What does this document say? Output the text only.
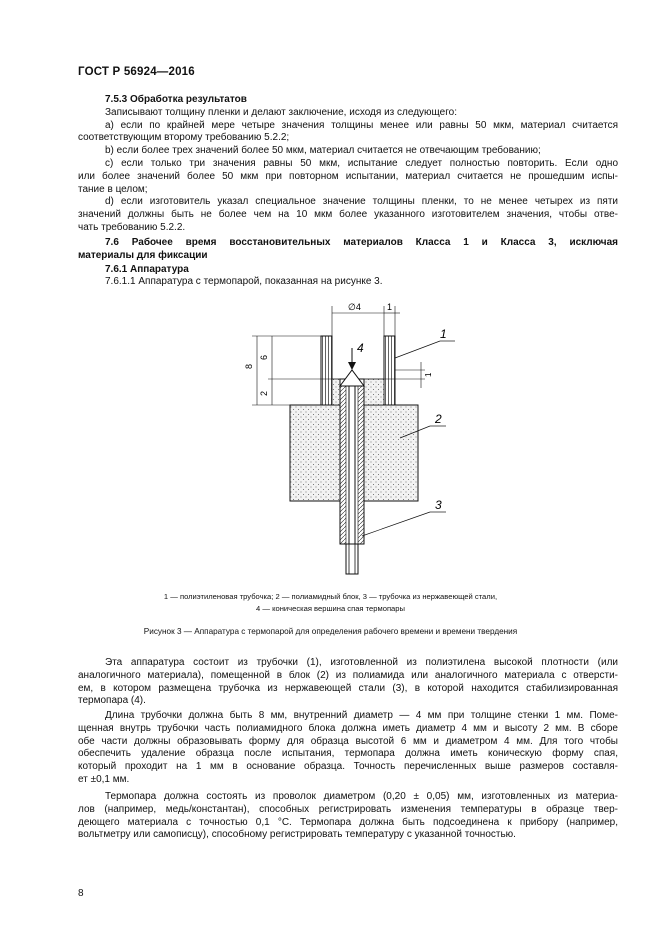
ГОСТ Р 56924—2016
7.5.3 Обработка результатов
Записывают толщину пленки и делают заключение, исходя из следующего:
а) если по крайней мере четыре значения толщины менее или равны 50 мкм, материал считается
соответствующим второму требованию 5.2.2;
b) если более трех значений более 50 мкм, материал считается не отвечающим требованию;
с) если только три значения равны 50 мкм, испытание следует полностью повторить. Если одно
или более значений более 50 мкм при повторном испытании, материал считается не прошедшим испы-
тание в целом;
d) если изготовитель указал специальное значение толщины пленки, то не менее четырех из пяти
значений должны быть не более чем на 10 мкм более указанного изготовителем значения, чтобы отве-
чать требованию 5.2.2.
7.6 Рабочее время восстановительных материалов Класса 1 и Класса 3, исключая
материалы для фиксации
7.6.1 Аппаратура
7.6.1.1 Аппаратура с термопарой, показанная на рисунке 3.
∅4	1
8
6
2
1
1
2
3
4
1 — полиэтиленовая трубочка; 2 — полиамидный блок, 3 — трубочка из нержавеющей стали,
4 — коническая вершина спая термопары
Рисунок 3 — Аппаратура с термопарой для определения рабочего времени и времени твердения
Эта аппаратура состоит из трубочки (1), изготовленной из полиэтилена высокой плотности (или
аналогичного материала), помещенной в блок (2) из полиамида или аналогичного материала с отверсти-
ем, в котором размещена трубочка из нержавеющей стали (3), в которой находится стабилизированная
термопара (4).
Длина трубочки должна быть 8 мм, внутренний диаметр — 4 мм при толщине стенки 1 мм. Поме-
щенная внутрь трубочки часть полиамидного блока должна иметь диаметр 4 мм и высоту 2 мм. В сборе
обе части должны образовывать форму для образца высотой 6 мм и диаметром 4 мм. Для того чтобы
обеспечить удаление образца после испытания, термопара должна иметь коническую форму спая,
который проходит на 1 мм в основание образца. Точность перечисленных выше размеров составля-
ет ±0,1 мм.
Термопара должна состоять из проволок диаметром (0,20 ± 0,05) мм, изготовленных из материа-
лов (например, медь/константан), способных регистрировать изменения температуры в образце твер-
деющего материала с точностью 0,1 °С. Термопара должна быть подсоединена к прибору (например,
вольтметру или самописцу), способному регистрировать температуру с указанной точностью.
8
